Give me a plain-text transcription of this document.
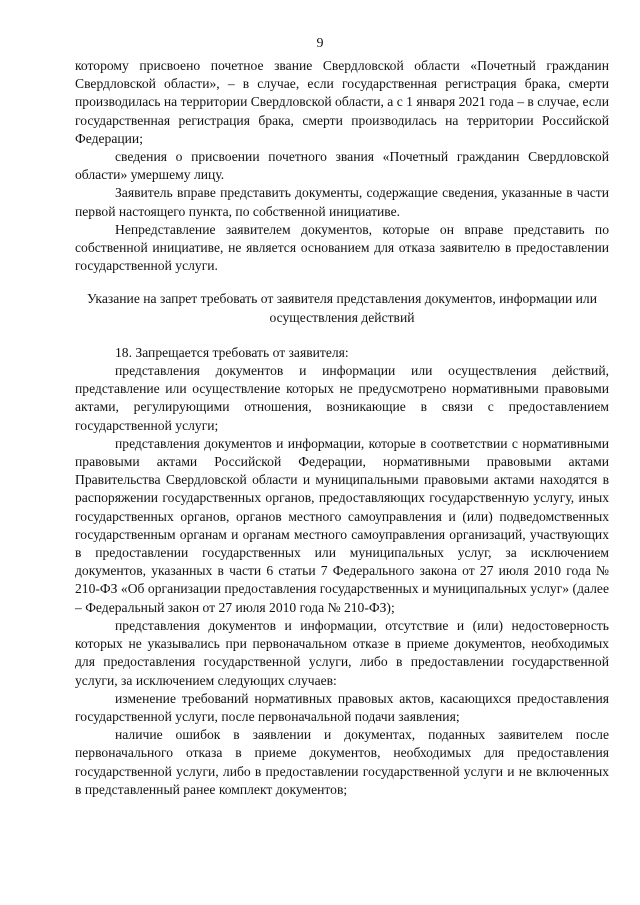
9

которому присвоено почетное звание Свердловской области «Почетный гражданин Свердловской области», – в случае, если государственная регистрация брака, смерти производилась на территории Свердловской области, а с 1 января 2021 года – в случае, если государственная регистрация брака, смерти производилась на территории Российской Федерации;

сведения о присвоении почетного звания «Почетный гражданин Свердловской области» умершему лицу.

Заявитель вправе представить документы, содержащие сведения, указанные в части первой настоящего пункта, по собственной инициативе.

Непредставление заявителем документов, которые он вправе представить по собственной инициативе, не является основанием для отказа заявителю в предоставлении государственной услуги.

Указание на запрет требовать от заявителя представления документов, информации или осуществления действий

18. Запрещается требовать от заявителя:

представления документов и информации или осуществления действий, представление или осуществление которых не предусмотрено нормативными правовыми актами, регулирующими отношения, возникающие в связи с предоставлением государственной услуги;

представления документов и информации, которые в соответствии с нормативными правовыми актами Российской Федерации, нормативными правовыми актами Правительства Свердловской области и муниципальными правовыми актами находятся в распоряжении государственных органов, предоставляющих государственную услугу, иных государственных органов, органов местного самоуправления и (или) подведомственных государственным органам и органам местного самоуправления организаций, участвующих в предоставлении государственных или муниципальных услуг, за исключением документов, указанных в части 6 статьи 7 Федерального закона от 27 июля 2010 года № 210-ФЗ «Об организации предоставления государственных и муниципальных услуг» (далее – Федеральный закон от 27 июля 2010 года № 210-ФЗ);

представления документов и информации, отсутствие и (или) недостоверность которых не указывались при первоначальном отказе в приеме документов, необходимых для предоставления государственной услуги, либо в предоставлении государственной услуги, за исключением следующих случаев:

изменение требований нормативных правовых актов, касающихся предоставления государственной услуги, после первоначальной подачи заявления;

наличие ошибок в заявлении и документах, поданных заявителем после первоначального отказа в приеме документов, необходимых для предоставления государственной услуги, либо в предоставлении государственной услуги и не включенных в представленный ранее комплект документов;
